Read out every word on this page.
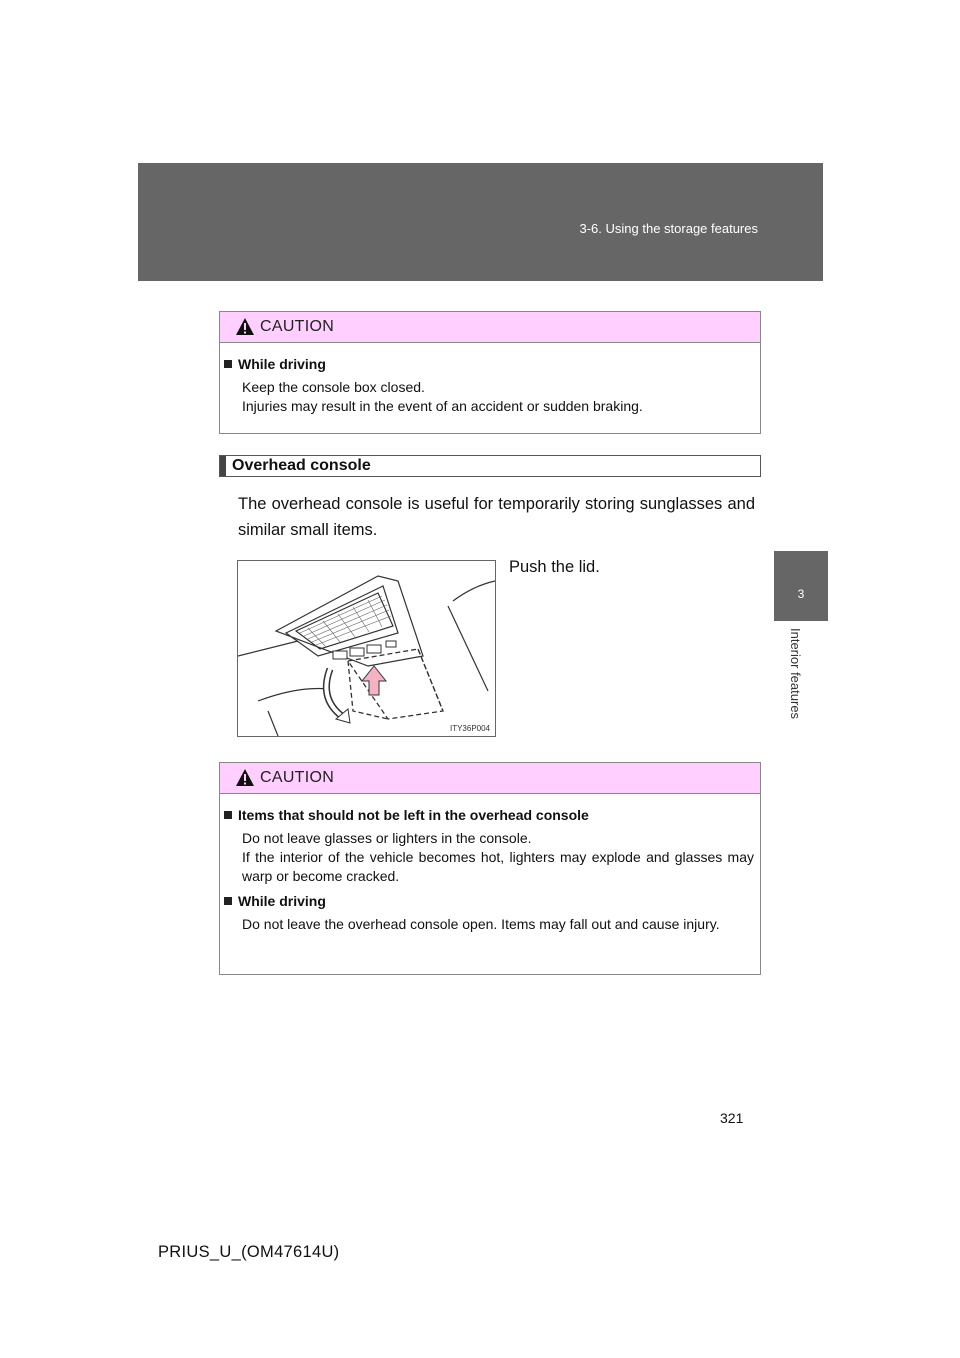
3-6. Using the storage features
3
Interior features
CAUTION
While driving
Keep the console box closed.
Injuries may result in the event of an accident or sudden braking.
Overhead console
The overhead console is useful for temporarily storing sunglasses and similar small items.
ITY36P004
Push the lid.
CAUTION
Items that should not be left in the overhead console
Do not leave glasses or lighters in the console.
If the interior of the vehicle becomes hot, lighters may explode and glasses may warp or become cracked.
While driving
Do not leave the overhead console open. Items may fall out and cause injury.
321
PRIUS_U_(OM47614U)
